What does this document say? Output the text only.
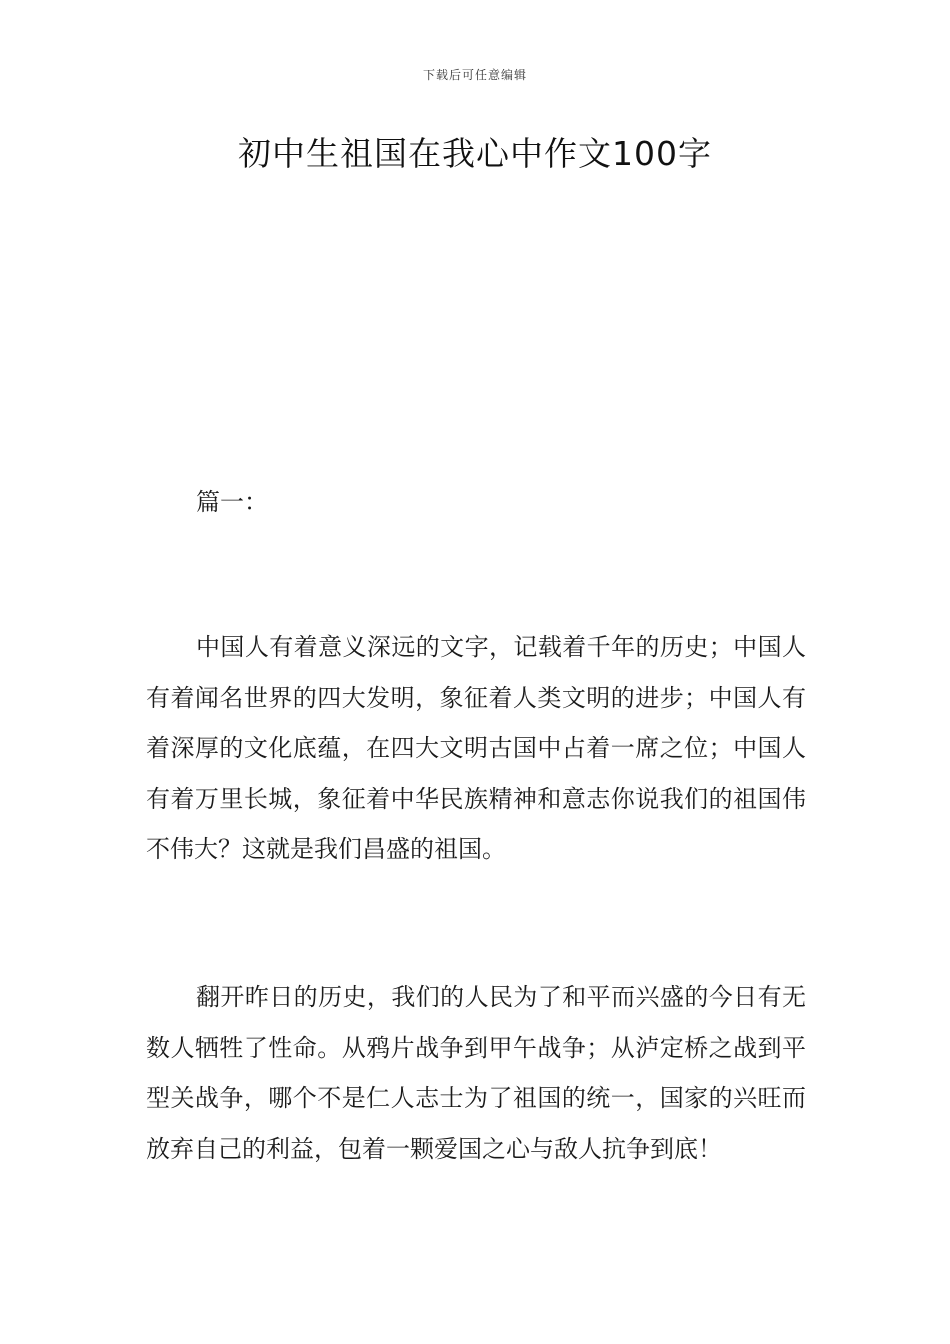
下载后可任意编辑
初中生祖国在我心中作文100字
篇一：

中国人有着意义深远的文字，记载着千年的历史；中国人有着闻名世界的四大发明，象征着人类文明的进步；中国人有着深厚的文化底蕴，在四大文明古国中占着一席之位；中国人有着万里长城，象征着中华民族精神和意志你说我们的祖国伟不伟大？这就是我们昌盛的祖国。

翻开昨日的历史，我们的人民为了和平而兴盛的今日有无数人牺牲了性命。从鸦片战争到甲午战争；从泸定桥之战到平型关战争，哪个不是仁人志士为了祖国的统一，国家的兴旺而放弃自己的利益，包着一颗爱国之心与敌人抗争到底！
